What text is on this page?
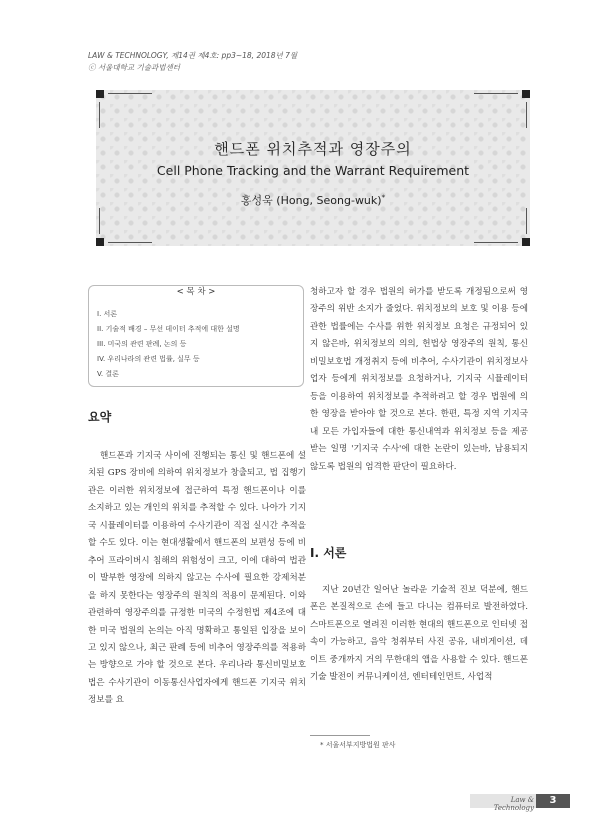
LAW & TECHNOLOGY, 제14권 제4호: pp3~18, 2018년 7월
ⓒ 서울대학교 기술과법센터
핸드폰 위치추적과 영장주의
Cell Phone Tracking and the Warrant Requirement
홍성욱 (Hong, Seong-wuk)*
< 목 차 >
I. 서론
II. 기술적 배경 – 무선 데이터 추적에 대한 설명
III. 미국의 관련 판례, 논의 등
IV. 우리나라의 관련 법률, 실무 등
V. 결론
요약

핸드폰과 기지국 사이에 진행되는 통신 및 핸드폰에 설치된 GPS 장비에 의하여 위치정보가 창출되고, 법 집행기관은 이러한 위치정보에 접근하여 특정 핸드폰이나 이를 소지하고 있는 개인의 위치를 추적할 수 있다. 나아가 기지국 시뮬레이터를 이용하여 수사기관이 직접 실시간 추적을 할 수도 있다. 이는 현대생활에서 핸드폰의 보편성 등에 비추어 프라이버시 침해의 위험성이 크고, 이에 대하여 법관이 발부한 영장에 의하지 않고는 수사에 필요한 강제처분을 하지 못한다는 영장주의 원칙의 적용이 문제된다. 이와 관련하여 영장주의를 규정한 미국의 수정헌법 제4조에 대한 미국 법원의 논의는 아직 명확하고 통일된 입장을 보이고 있지 않으나, 최근 판례 등에 비추어 영장주의를 적용하는 방향으로 가야 할 것으로 본다. 우리나라 통신비밀보호법은 수사기관이 이동통신사업자에게 핸드폰 기지국 위치정보를 요

청하고자 할 경우 법원의 허가를 받도록 개정됨으로써 영장주의 위반 소지가 줄었다. 위치정보의 보호 및 이용 등에 관한 법률에는 수사를 위한 위치정보 요청은 규정되어 있지 않은바, 위치정보의 의의, 헌법상 영장주의 원칙, 통신비밀보호법 개정취지 등에 비추어, 수사기관이 위치정보사업자 등에게 위치정보를 요청하거나, 기지국 시뮬레이터 등을 이용하여 위치정보를 추적하려고 할 경우 법원에 의한 영장을 받아야 할 것으로 본다. 한편, 특정 지역 기지국 내 모든 가입자들에 대한 통신내역과 위치정보 등을 제공받는 일명 '기지국 수사'에 대한 논란이 있는바, 남용되지 않도록 법원의 엄격한 판단이 필요하다.

I. 서론

지난 20년간 일어난 놀라운 기술적 진보 덕분에, 핸드폰은 본질적으로 손에 들고 다니는 컴퓨터로 발전하였다. 스마트폰으로 열려진 이러한 현대의 핸드폰으로 인터넷 접속이 가능하고, 음악 청취부터 사진 공유, 내비게이션, 데이트 중개까지 거의 무한대의 앱을 사용할 수 있다. 핸드폰 기술 발전이 커뮤니케이션, 엔터테인먼트, 사업적

* 서울서부지방법원 판사
Law & Technology
3
